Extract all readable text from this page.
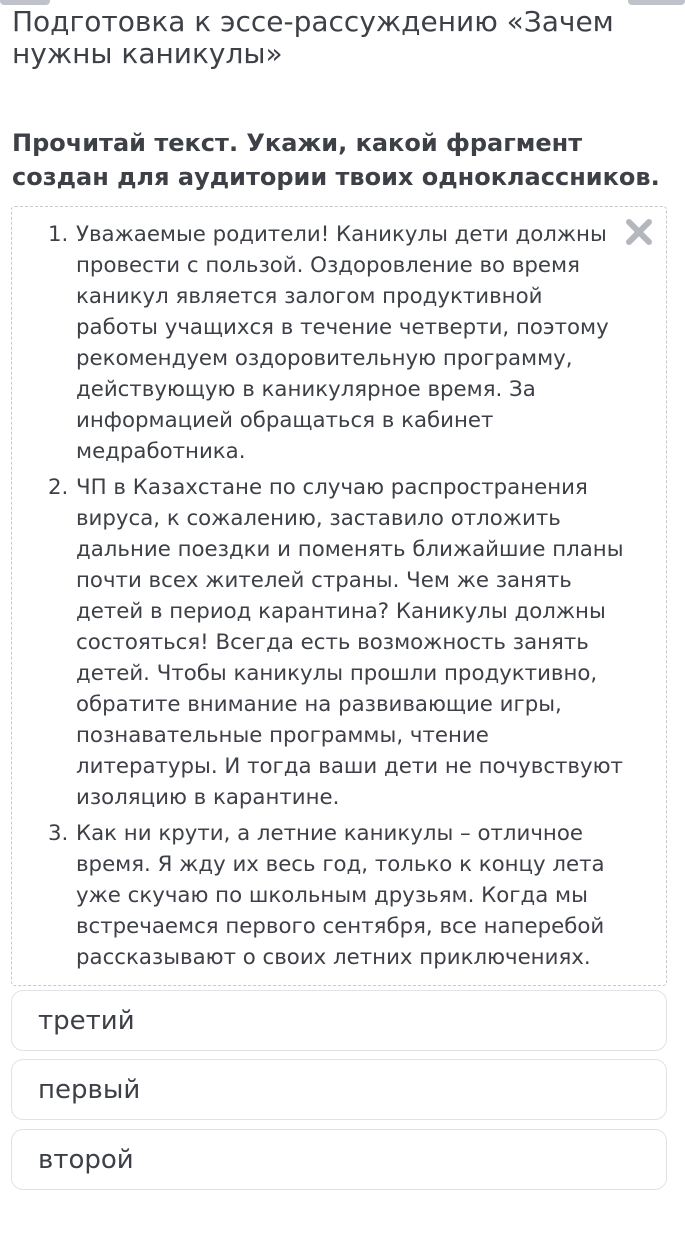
Подготовка к эссе-рассуждению «Зачем нужны каникулы»
Прочитай текст. Укажи, какой фрагмент создан для аудитории твоих одноклассников.
1. Уважаемые родители! Каникулы дети должны провести с пользой. Оздоровление во время каникул является залогом продуктивной работы учащихся в течение четверти, поэтому рекомендуем оздоровительную программу, действующую в каникулярное время. За информацией обращаться в кабинет медработника.
2. ЧП в Казахстане по случаю распространения вируса, к сожалению, заставило отложить дальние поездки и поменять ближайшие планы почти всех жителей страны. Чем же занять детей в период карантина? Каникулы должны состояться! Всегда есть возможность занять детей. Чтобы каникулы прошли продуктивно, обратите внимание на развивающие игры, познавательные программы, чтение литературы. И тогда ваши дети не почувствуют изоляцию в карантине.
3. Как ни крути, а летние каникулы – отличное время. Я жду их весь год, только к концу лета уже скучаю по школьным друзьям. Когда мы встречаемся первого сентября, все наперебой рассказывают о своих летних приключениях.
третий
первый
второй
